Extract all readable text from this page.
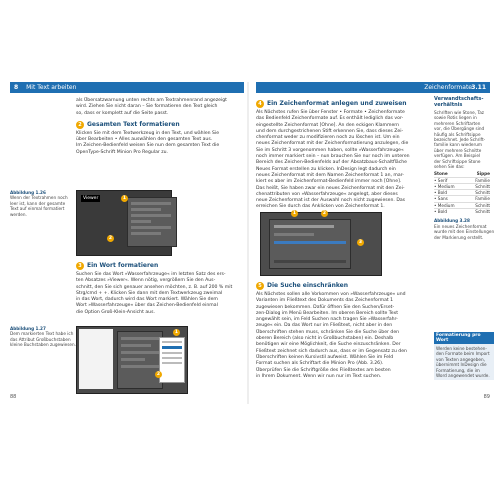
8 Mit Text arbeiten
als Übersatzwarnung unten rechts am Textrahmenrand angezeigt
wird. Ziehen Sie nicht daran – Sie formatieren den Text gleich
so, dass er komplett auf die Seite passt.
2 Gesamten Text formatieren
Klicken Sie mit dem Textwerkzeug in den Text, und wählen Sie
über Bearbeiten • Alles auswählen den gesamten Text aus.
Im Zeichen-Bedienfeld weisen Sie nun dem gesamten Text die
OpenType-Schrift Minion Pro Regular zu.
Abbildung 1.26
Wenn der Textrahmen noch
leer ist, kann der gesamte
Text auf einmal formatiert
werden.
Viewer	1
2
3 Ein Wort formatieren
Suchen Sie das Wort »Wasserfahrzeuge« im letzten Satz des ers-
ten Absatzes »Viewer«. Wenn nötig, vergrößern Sie den Aus-
schnitt, den Sie sich genauer ansehen möchten, z. B. auf 200 % mit
Strg/cmd + +. Klicken Sie dann mit dem Textwerkzeug zweimal
in das Wort, dadurch wird das Wort markiert. Wählen Sie dem
Wort »Wasserfahrzeuge« über das Zeichen-Bedienfeld einmal
die Option Groß-Klein-Ansicht aus.
Abbildung 1.27
Dem markierten Text habe ich
das Attribut Großbuchstaben
kleine Buchstaben zugewiesen.
1
2
88
Zeichenformate 3.11
4 Ein Zeichenformat anlegen und zuweisen
Als Nächstes rufen Sie über Fenster • Formate • Zeichenformate
das Bedienfeld Zeichenformate auf. Es enthält lediglich das vor-
eingestellte Zeichenformat [Ohne]. An den eckigen Klammern
und dem durchgestrichenen Stift erkennen Sie, dass dieses Zei-
chenformat weder zu modifizieren noch zu löschen ist. Um ein
neues Zeichenformat mit der Zeichenformatierung anzulegen, die
Sie im Schritt 3 vorgenommen haben, sollte »Wasserfahrzeuge«
noch immer markiert sein – nun brauchen Sie nur noch im unteren
Bereich des Zeichen-Bedienfelds auf der Absatzbaus-Schaltfläche
Neues Format erstellen zu klicken. InDesign legt dadurch ein
neues Zeichenformat mit dem Namen Zeichenformat 1 an, mar-
kiert es aber im Zeichenformat-Bedienfeld immer noch [Ohne].
Das heißt, Sie haben zwar ein neues Zeichenformat mit den Zei-
chenattributen von »Wasserfahrzeuge« angelegt, aber dieses
neue Zeichenformat ist der Auswahl noch nicht zugewiesen. Das
erreichen Sie durch das Anklicken von Zeichenformat 1.
1	2
3
5 Die Suche einschränken
Als Nächstes sollen alle Vorkommen von »Wasserfahrzeuge« und
Varianten im Fließtext des Dokuments das Zeichenformat 1
zugewiesen bekommen. Dafür öffnen Sie den Suchen/Erset-
zen-Dialog im Menü Bearbeiten. Im oberen Bereich sollte Text
angewählt sein, im Feld Suchen nach tragen Sie »Wasserfahr-
zeuge« ein. Da das Wort nur im Fließtext, nicht aber in den
Überschriften stehen muss, schränken Sie die Suche über den
oberen Bereich (also nicht in Großbuchstaben) ein. Deshalb
benötigen wir eine Möglichkeit, die Suche einzuschränken. Der
Fließtext zeichnet sich dadurch aus, dass er im Gegensatz zu den
Überschriften keinen Kursivstil aufweist. Wählen Sie im Feld
Format suchen als Schriftart die Minion Pro (Abb. 3.26).
Überprüfen Sie die Schriftgröße des Fließtextes am besten
in Ihrem Dokument. Wenn wir nun nur im Text suchen.
Verwandtschafts-verhältnis
Schriften wie Stone, Taz
sowie Rotis liegen in
mehreren Schriftarten
vor, die Übergänge sind
häufig als Schriftsippe
bezeichnet. Jede Schrift-
familie kann wiederum
über mehrere Schnitte
verfügen. Am Beispiel
der Schriftsippe Stone
sehen Sie das:
Stone	Sippe
• Serif	Familie
• Medium	Schnitt
• Bold	Schnitt
• Sans	Familie
• Medium	Schnitt
• Bold	Schnitt
Abbildung 3.28
Ein neues Zeichenformat
wurde mit den Einstellungen
der Markierung erstellt.
Formatierung pro Wort
Werden keine bestehen-
den Formate beim Import
von Texten angegeben,
übernimmt InDesign die
Formatierung, die im
Word angewendet wurde.
89
